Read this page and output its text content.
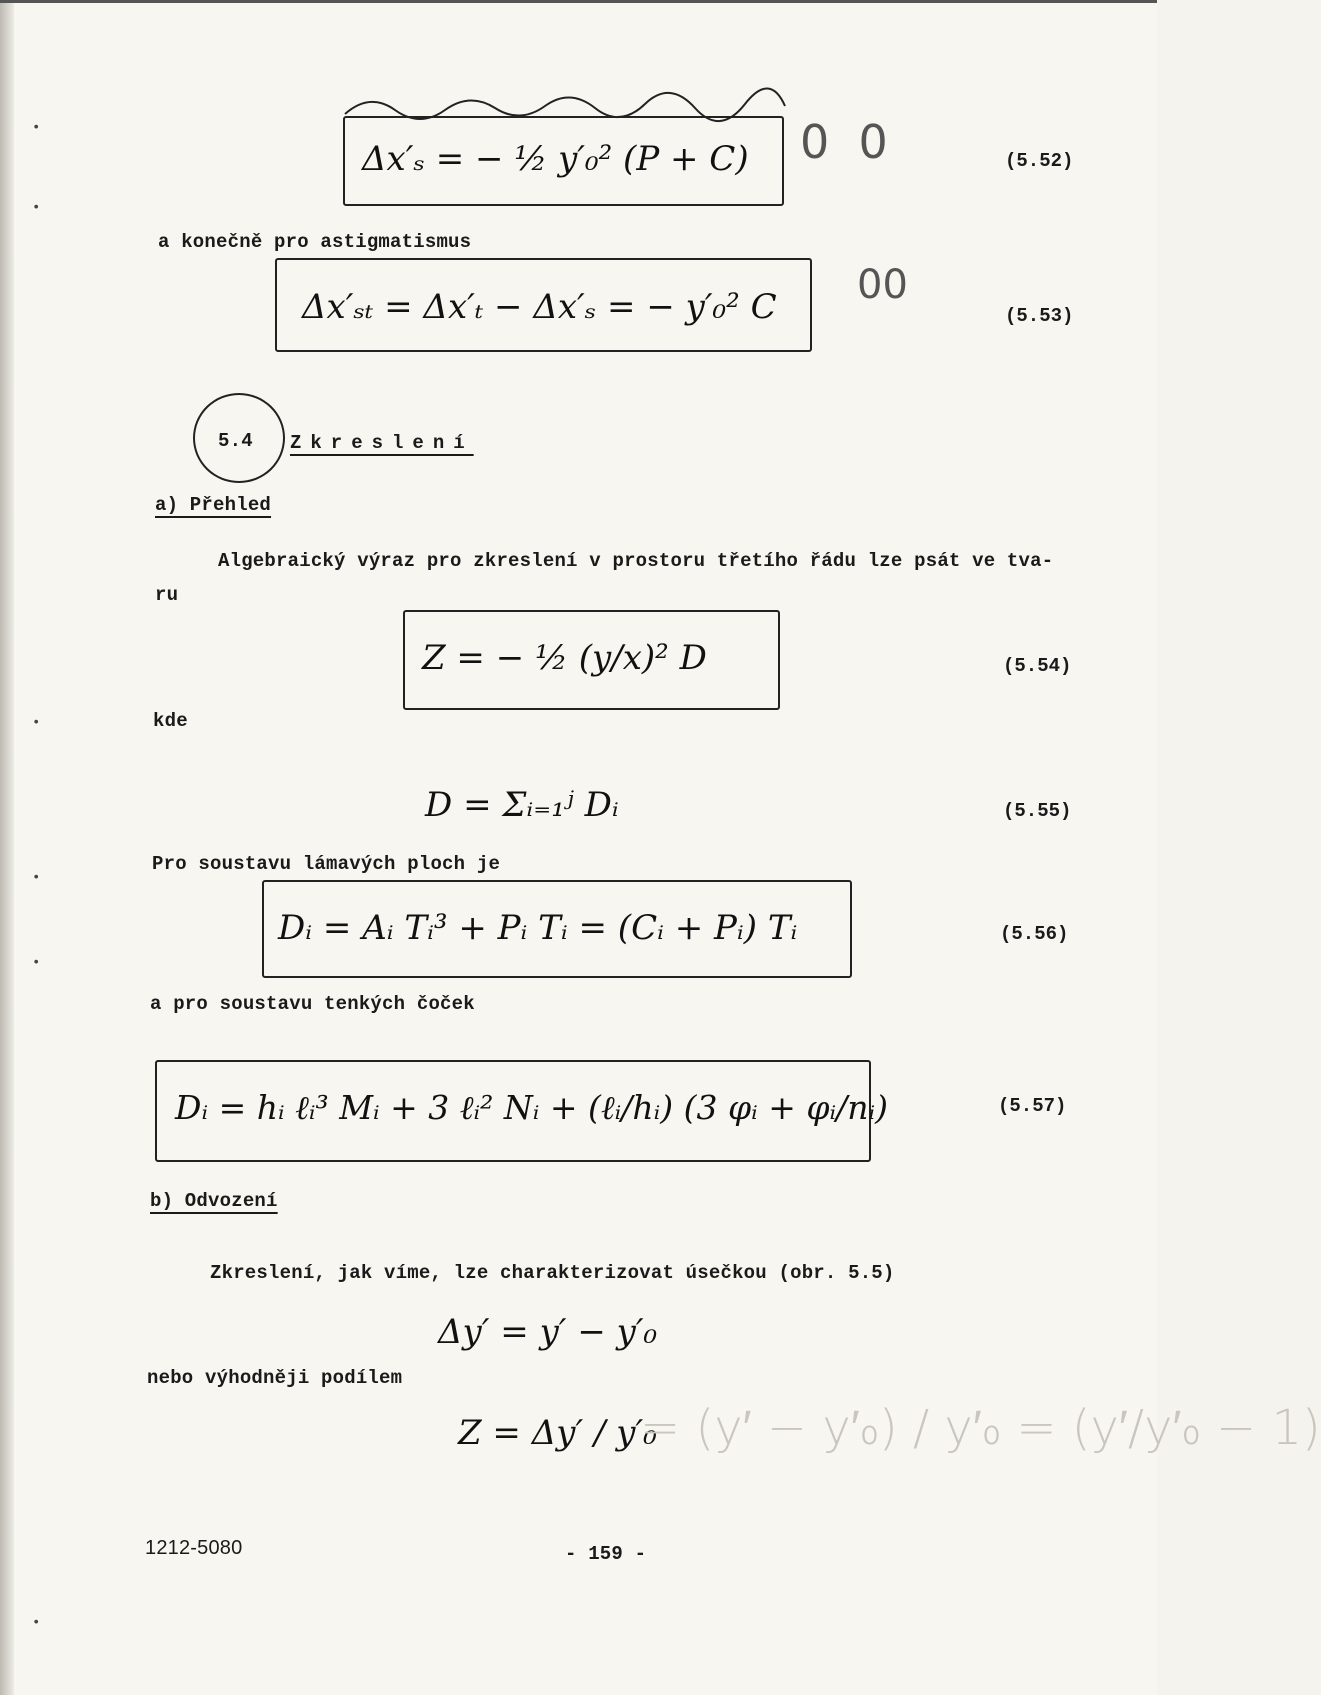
•
•
•
•
•
•
Δx′ₛ = − ½ y′₀² (P + C)	(5.52)
0  0
a konečně pro astigmatismus
Δx′ₛₜ = Δx′ₜ − Δx′ₛ = − y′₀² C	(5.53)
00
5.4 Zkreslení
a) Přehled
Algebraický výraz pro zkreslení v prostoru třetího řádu lze psát ve tva-
ru
Z = − ½ (y/x)² D	(5.54)
kde
D = Σᵢ₌₁ʲ Dᵢ	(5.55)
Pro soustavu lámavých ploch je
Dᵢ = Aᵢ Tᵢ³ + Pᵢ Tᵢ = (Cᵢ + Pᵢ) Tᵢ	(5.56)
a pro soustavu tenkých čoček
Dᵢ = hᵢ ℓᵢ³ Mᵢ + 3 ℓᵢ² Nᵢ + (ℓᵢ/hᵢ) (3 φᵢ + φᵢ/nᵢ)	(5.57)
b) Odvození
Zkreslení, jak víme, lze charakterizovat úsečkou (obr. 5.5)
Δy′ = y′ − y′₀
nebo výhodněji podílem
Z = Δy′ / y′₀
= (y′ − y′₀) / y′₀ = (y′/y′₀ − 1)
1212-5080	- 159 -
